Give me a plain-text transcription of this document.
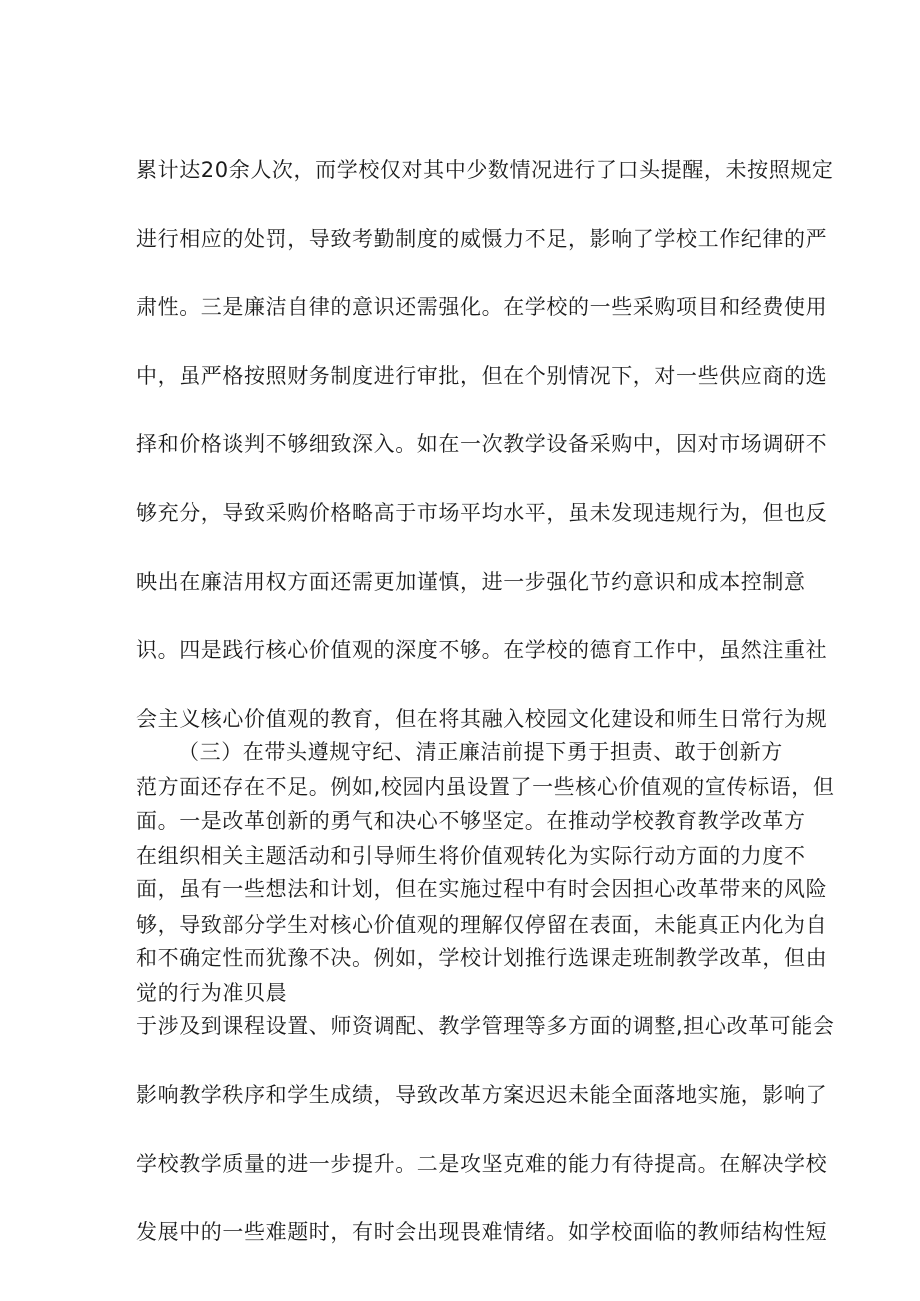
累计达20余人次，而学校仅对其中少数情况进行了口头提醒，未按照规定
进行相应的处罚，导致考勤制度的威慑力不足，影响了学校工作纪律的严
肃性。三是廉洁自律的意识还需强化。在学校的一些采购项目和经费使用
中，虽严格按照财务制度进行审批，但在个别情况下，对一些供应商的选
择和价格谈判不够细致深入。如在一次教学设备采购中，因对市场调研不
够充分，导致采购价格略高于市场平均水平，虽未发现违规行为，但也反
映出在廉洁用权方面还需更加谨慎，进一步强化节约意识和成本控制意
识。四是践行核心价值观的深度不够。在学校的德育工作中，虽然注重社
会主义核心价值观的教育，但在将其融入校园文化建设和师生日常行为规
范方面还存在不足。例如,校园内虽设置了一些核心价值观的宣传标语，但
在组织相关主题活动和引导师生将价值观转化为实际行动方面的力度不
够，导致部分学生对核心价值观的理解仅停留在表面，未能真正内化为自
觉的行为准贝晨
（三）在带头遵规守纪、清正廉洁前提下勇于担责、敢于创新方
面。一是改革创新的勇气和决心不够坚定。在推动学校教育教学改革方
面，虽有一些想法和计划，但在实施过程中有时会因担心改革带来的风险
和不确定性而犹豫不决。例如，学校计划推行选课走班制教学改革，但由
于涉及到课程设置、师资调配、教学管理等多方面的调整,担心改革可能会
影响教学秩序和学生成绩，导致改革方案迟迟未能全面落地实施，影响了
学校教学质量的进一步提升。二是攻坚克难的能力有待提高。在解决学校
发展中的一些难题时，有时会出现畏难情绪。如学校面临的教师结构性短
